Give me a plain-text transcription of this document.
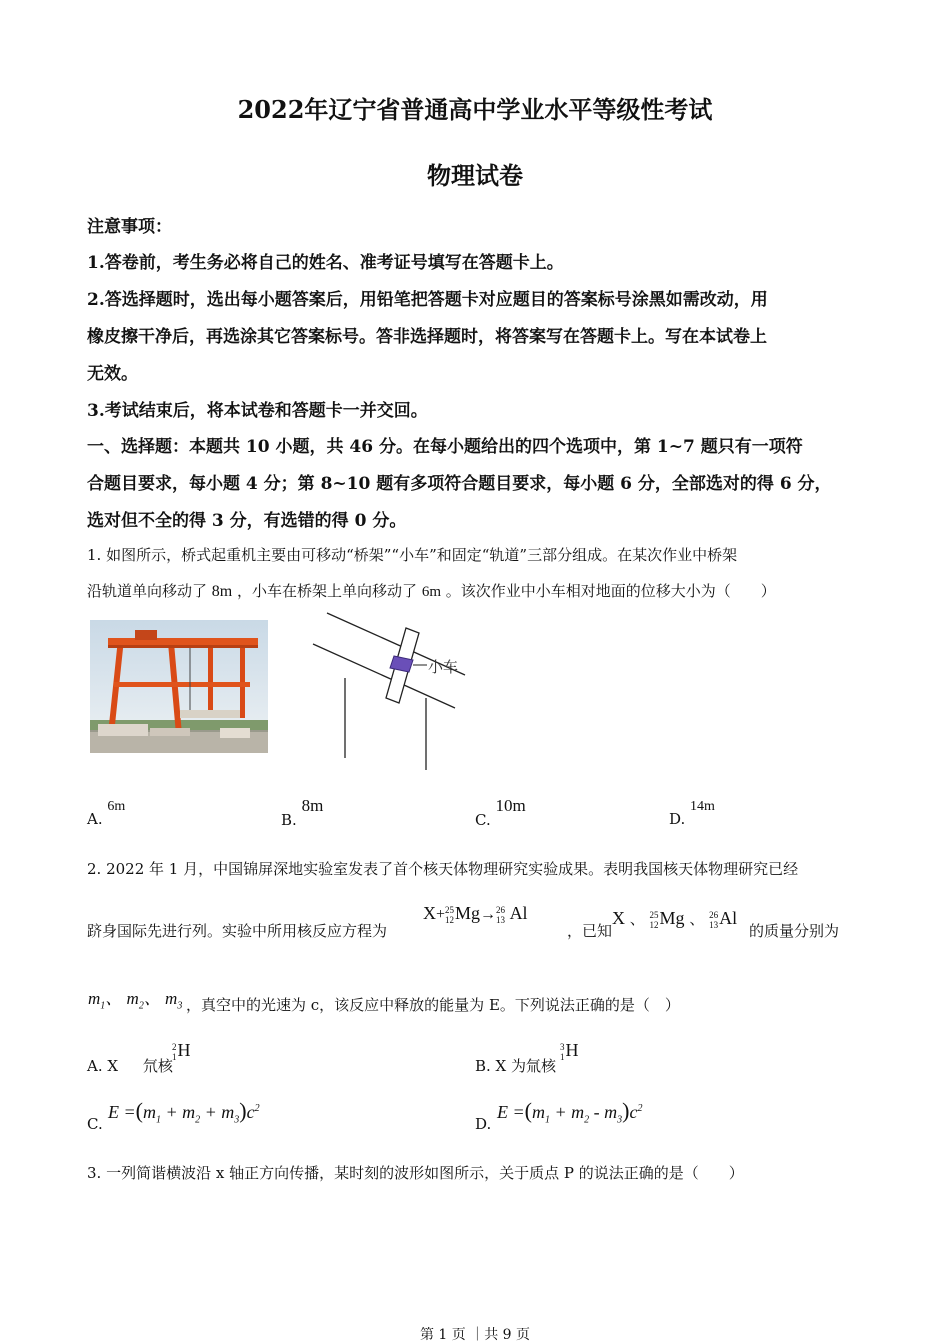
2022年辽宁省普通高中学业水平等级性考试
物理试卷
注意事项：
1.答卷前，考生务必将自己的姓名、准考证号填写在答题卡上。
2.答选择题时，选出每小题答案后，用铅笔把答题卡对应题目的答案标号涂黑如需改动，用
橡皮擦干净后，再选涂其它答案标号。答非选择题时，将答案写在答题卡上。写在本试卷上
无效。
3.考试结束后，将本试卷和答题卡一并交回。
一、选择题：本题共 10 小题，共 46 分。在每小题给出的四个选项中，第 1~7 题只有一项符
合题目要求，每小题 4 分；第 8~10 题有多项符合题目要求，每小题 6 分，全部选对的得 6 分，
选对但不全的得 3 分，有选错的得 0 分。
1. 如图所示，桥式起重机主要由可移动“桥架”“小车”和固定“轨道”三部分组成。在某次作业中桥架
沿轨道单向移动了 8m ，小车在桥架上单向移动了 6m 。该次作业中小车相对地面的位移大小为（　　）
小车
A. 6m
B. 8m
C. 10m
D. 14m
2. 2022 年 1 月，中国锦屏深地实验室发表了首个核天体物理研究实验成果。表明我国核天体物理研究已经
跻身国际先进行列。实验中所用核反应方程为
X+ 25
12 Mg→ 26
13 Al
，已知
X 、 25
12 Mg 、 26
13 Al
的质量分别为
$m_1$、 $m_2$、 $m_3$ ，真空中的光速为 c，该反应中释放的能量为 E。下列说法正确的是（　）
A. X 氘核
2
1 H
B. X 为氚核
3
1 H
C.
$E =(m_1 + m_2 + m_3)c^2$
D.
$E =(m_1 + m_2 - m_3)c^2$
3. 一列简谐横波沿 x 轴正方向传播，某时刻的波形如图所示，关于质点 P 的说法正确的是（　　）
第 1 页 ｜共 9 页
